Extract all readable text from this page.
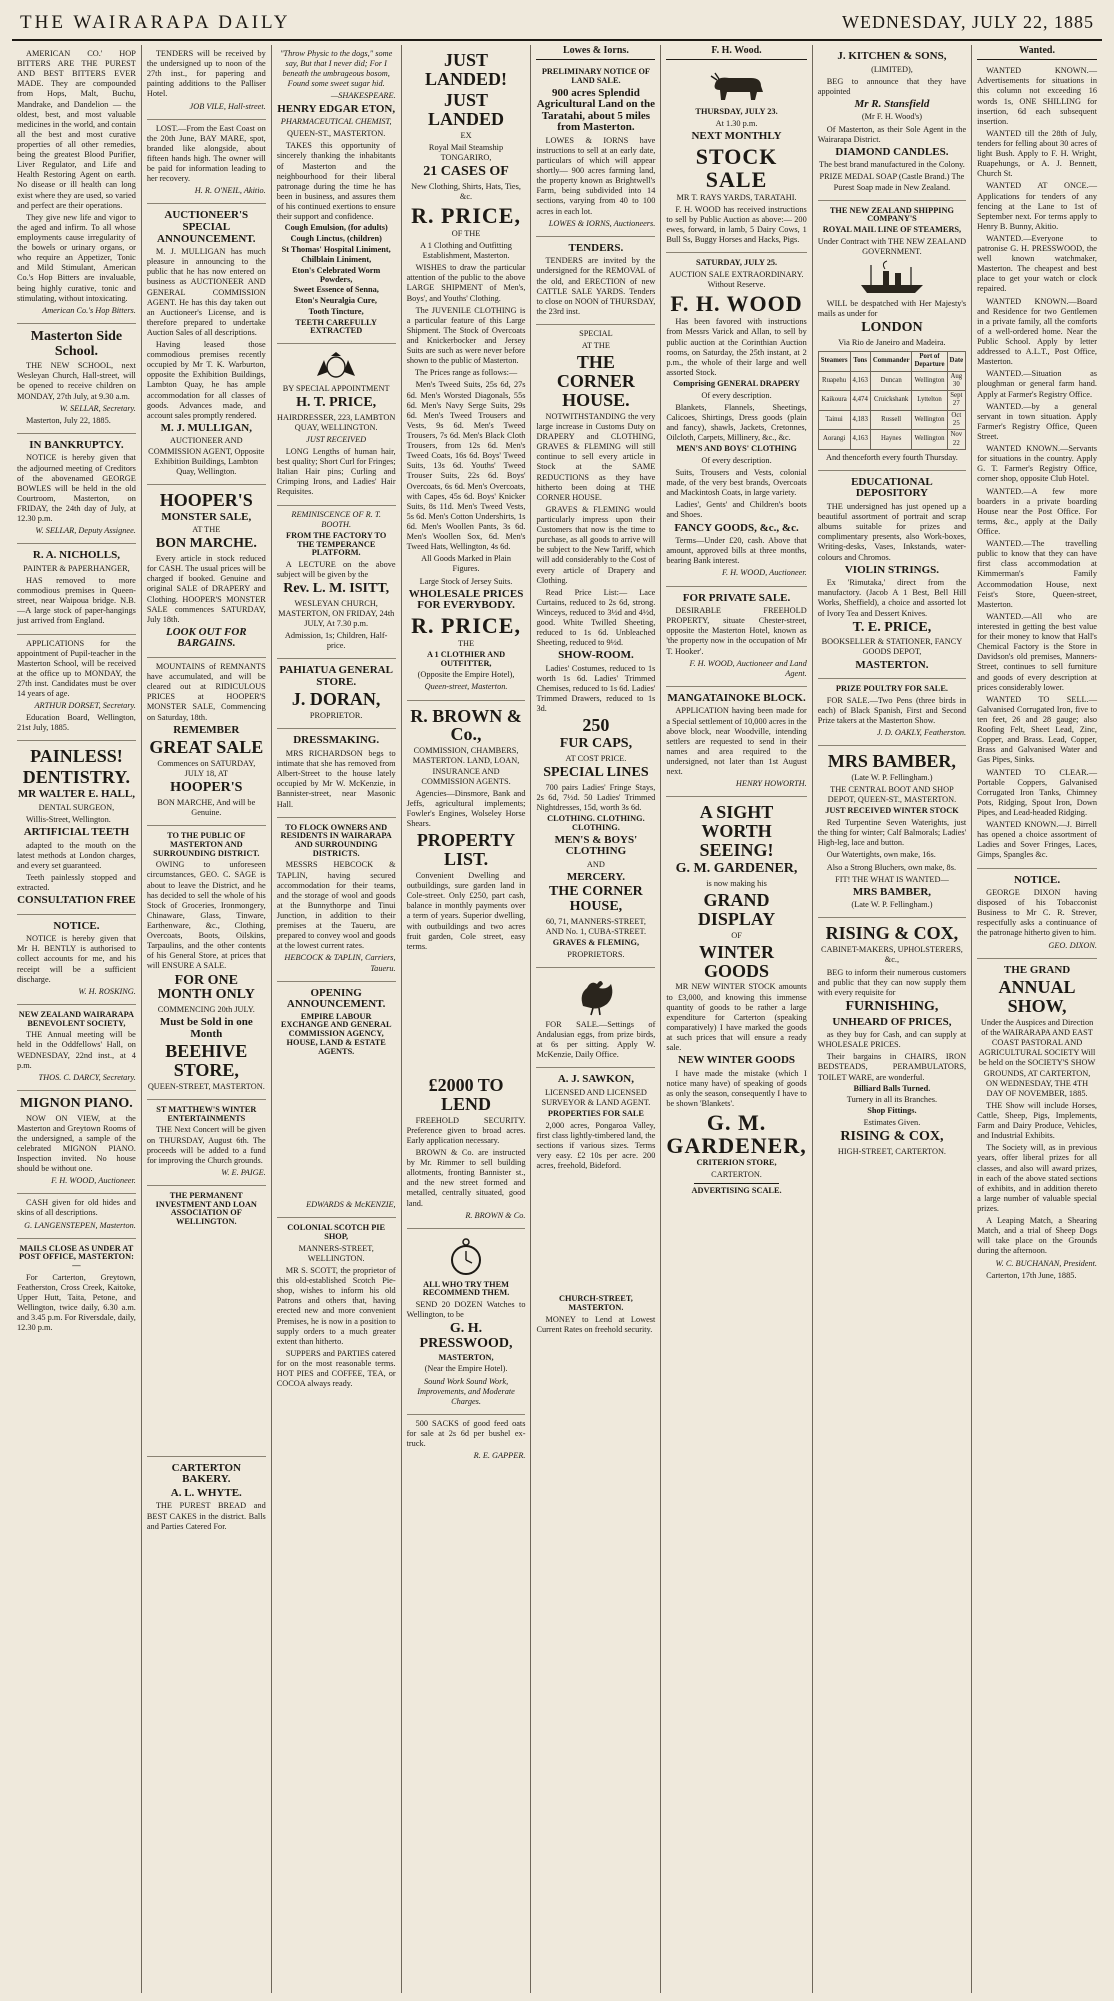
THE WAIRARAPA DAILY	WEDNESDAY, JULY 22, 1885

AMERICAN CO.' HOP BITTERS ARE THE PUREST AND BEST BITTERS EVER MADE. They are compounded from Hops, Malt, Buchu, Mandrake, and Dandelion — the oldest, best, and most valuable medicines in the world, and contain all the best and most curative properties of all other remedies, being the greatest Blood Purifier, Liver Regulator, and Life and Health Restoring Agent on earth. No disease or ill health can long exist where they are used, so varied and perfect are their operations.

They give new life and vigor to the aged and infirm. To all whose employments cause irregularity of the bowels or urinary organs, or who require an Appetizer, Tonic and Mild Stimulant, American Co.'s Hop Bitters are invaluable, being highly curative, tonic and stimulating, without intoxicating.

American Co.'s Hop Bitters.

Masterton Side School.

THE NEW SCHOOL, next Wesleyan Church, Hall-street, will be opened to receive children on MONDAY, 27th July, at 9.30 a.m.

W. SELLAR, Secretary.

Masterton, July 22, 1885.

IN BANKRUPTCY.

NOTICE is hereby given that the adjourned meeting of Creditors of the abovenamed GEORGE BOWLES will be held in the old Courtroom, Masterton, on FRIDAY, the 24th day of July, at 12.30 p.m.

W. SELLAR, Deputy Assignee.

R. A. NICHOLLS,

PAINTER & PAPERHANGER,

HAS removed to more commodious premises in Queen-street, near Waipoua bridge. N.B.—A large stock of paper-hangings just arrived from England.

APPLICATIONS for the appointment of Pupil-teacher in the Masterton School, will be received at the office up to MONDAY, the 27th inst. Candidates must be over 14 years of age.

ARTHUR DORSET, Secretary.

Education Board, Wellington, 21st July, 1885.

PAINLESS!

DENTISTRY.

MR WALTER E. HALL,

DENTAL SURGEON,

Willis-Street, Wellington.

ARTIFICIAL TEETH

adapted to the mouth on the latest methods at London charges, and every set guaranteed.

Teeth painlessly stopped and extracted.

CONSULTATION FREE

NOTICE.

NOTICE is hereby given that Mr H. BENTLY is authorised to collect accounts for me, and his receipt will be a sufficient discharge.

W. H. ROSKING.

NEW ZEALAND WAIRARAPA BENEVOLENT SOCIETY,

THE Annual meeting will be held in the Oddfellows' Hall, on WEDNESDAY, 22nd inst., at 4 p.m.

THOS. C. DARCY, Secretary.

MIGNON PIANO.

NOW ON VIEW, at the Masterton and Greytown Rooms of the undersigned, a sample of the celebrated MIGNON PIANO. Inspection invited. No house should be without one.

F. H. WOOD, Auctioneer.

CASH given for old hides and skins of all descriptions.

G. LANGENSTEPEN, Masterton.

MAILS CLOSE AS UNDER AT POST OFFICE, MASTERTON:—

For Carterton, Greytown, Featherston, Cross Creek, Kaitoke, Upper Hutt, Taita, Petone, and Wellington, twice daily, 6.30 a.m. and 3.45 p.m. For Riversdale, daily, 12.30 p.m.

TENDERS will be received by the undersigned up to noon of the 27th inst., for papering and painting additions to the Palliser Hotel.

JOB VILE, Hall-street.

LOST.—From the East Coast on the 20th June, BAY MARE, spot, branded like alongside, about fifteen hands high. The owner will be paid for information leading to her recovery.

H. R. O'NEIL, Akitio.

AUCTIONEER'S SPECIAL ANNOUNCEMENT.

M. J. MULLIGAN has much pleasure in announcing to the public that he has now entered on business as AUCTIONEER AND GENERAL COMMISSION AGENT. He has this day taken out an Auctioneer's License, and is therefore prepared to undertake Auction Sales of all descriptions.

Having leased those commodious premises recently occupied by Mr T. K. Warburton, opposite the Exhibition Buildings, Lambton Quay, he has ample accommodation for all classes of goods. Advances made, and account sales promptly rendered.

M. J. MULLIGAN,

AUCTIONEER AND COMMISSION AGENT, Opposite Exhibition Buildings, Lambton Quay, Wellington.

HOOPER'S

MONSTER SALE,

AT THE

BON MARCHE.

Every article in stock reduced for CASH. The usual prices will be charged if booked. Genuine and original SALE of DRAPERY and Clothing. HOOPER'S MONSTER SALE commences SATURDAY, July 18th.

LOOK OUT FOR BARGAINS.

MOUNTAINS of REMNANTS have accumulated, and will be cleared out at RIDICULOUS PRICES at HOOPER'S MONSTER SALE, Commencing on Saturday, 18th.

REMEMBER

GREAT SALE

Commences on SATURDAY, JULY 18, AT

HOOPER'S

BON MARCHE, And will be Genuine.

TO THE PUBLIC OF MASTERTON AND SURROUNDING DISTRICT.

OWING to unforeseen circumstances, GEO. C. SAGE is about to leave the District, and he has decided to sell the whole of his Stock of Groceries, Ironmongery, Chinaware, Glass, Tinware, Earthenware, &c., Clothing, Overcoats, Boots, Oilskins, Tarpaulins, and the other contents of his General Store, at prices that will ENSURE A SALE.

FOR ONE MONTH ONLY

COMMENCING 20th JULY.

Must be Sold in one Month

BEEHIVE STORE,

QUEEN-STREET, MASTERTON.

ST MATTHEW'S WINTER ENTERTAINMENTS

THE Next Concert will be given on THURSDAY, August 6th. The proceeds will be added to a fund for improving the Church grounds.

W. E. PAIGE.

THE PERMANENT INVESTMENT AND LOAN ASSOCIATION OF WELLINGTON.

CARTERTON BAKERY.

A. L. WHYTE.

THE PUREST BREAD and BEST CAKES in the district. Balls and Parties Catered For.

"Throw Physic to the dogs," some say, But that I never did; For I beneath the umbrageous bosom, Found some sweet sugar hid.

—SHAKESPEARE.

HENRY EDGAR ETON,

PHARMACEUTICAL CHEMIST,

QUEEN-ST., MASTERTON.

TAKES this opportunity of sincerely thanking the inhabitants of Masterton and the neighbourhood for their liberal patronage during the time he has been in business, and assures them of his continued exertions to ensure their support and confidence.

Cough Emulsion, (for adults)

Cough Linctus, (children)

St Thomas' Hospital Liniment,

Chilblain Liniment,

Eton's Celebrated Worm Powders,

Sweet Essence of Senna,

Eton's Neuralgia Cure,

Tooth Tincture,

TEETH CAREFULLY EXTRACTED

BY SPECIAL APPOINTMENT

H. T. PRICE,

HAIRDRESSER, 223, LAMBTON QUAY, WELLINGTON.

JUST RECEIVED

LONG Lengths of human hair, best quality; Short Curl for Fringes; Italian Hair pins; Curling and Crimping Irons, and Ladies' Hair Requisites.

REMINISCENCE OF R. T. BOOTH.

FROM THE FACTORY TO THE TEMPERANCE PLATFORM.

A LECTURE on the above subject will be given by the

Rev. L. M. ISITT,

WESLEYAN CHURCH, MASTERTON, ON FRIDAY, 24th JULY, At 7.30 p.m.

Admission, 1s; Children, Half-price.

PAHIATUA GENERAL STORE.

J. DORAN,

PROPRIETOR.

DRESSMAKING.

MRS RICHARDSON begs to intimate that she has removed from Albert-Street to the house lately occupied by Mr W. McKenzie, in Bannister-street, near Masonic Hall.

TO FLOCK OWNERS AND RESIDENTS IN WAIRARAPA AND SURROUNDING DISTRICTS.

MESSRS HEBCOCK & TAPLIN, having secured accommodation for their teams, and the storage of wool and goods at the Bunnythorpe and Tinui Junction, in addition to their premises at the Taueru, are prepared to convey wool and goods at the lowest current rates.

HEBCOCK & TAPLIN, Carriers, Taueru.

OPENING ANNOUNCEMENT.

EMPIRE LABOUR EXCHANGE AND GENERAL COMMISSION AGENCY, HOUSE, LAND & ESTATE AGENTS.

EDWARDS & McKENZIE,

COLONIAL SCOTCH PIE SHOP,

MANNERS-STREET, WELLINGTON.

MR S. SCOTT, the proprietor of this old-established Scotch Pie-shop, wishes to inform his old Patrons and others that, having erected new and more convenient Premises, he is now in a position to supply orders to a much greater extent than hitherto.

SUPPERS and PARTIES catered for on the most reasonable terms. HOT PIES and COFFEE, TEA, or COCOA always ready.

JUST LANDED!

JUST LANDED

EX

Royal Mail Steamship TONGARIRO,

21 CASES OF

New Clothing, Shirts, Hats, Ties, &c.

R. PRICE,

OF THE

A 1 Clothing and Outfitting Establishment, Masterton.

WISHES to draw the particular attention of the public to the above LARGE SHIPMENT of Men's, Boys', and Youths' Clothing.

The JUVENILE CLOTHING is a particular feature of this Large Shipment. The Stock of Overcoats and Knickerbocker and Jersey Suits are such as were never before shown to the public of Masterton.

The Prices range as follows:—

Men's Tweed Suits, 25s 6d, 27s 6d. Men's Worsted Diagonals, 55s 6d. Men's Navy Serge Suits, 29s 6d. Men's Tweed Trousers and Vests, 9s 6d. Men's Tweed Trousers, 7s 6d. Men's Black Cloth Trousers, from 12s 6d. Men's Tweed Coats, 16s 6d. Boys' Tweed Suits, 13s 6d. Youths' Tweed Trouser Suits, 22s 6d. Boys' Overcoats, 6s 6d. Men's Overcoats, with Capes, 45s 6d. Boys' Knicker Suits, 8s 11d. Men's Tweed Vests, 5s 6d. Men's Cotton Undershirts, 1s 6d. Men's Woollen Pants, 3s 6d. Men's Woollen Sox, 6d. Men's Tweed Hats, Wellington, 4s 6d.

All Goods Marked in Plain Figures.

Large Stock of Jersey Suits.

WHOLESALE PRICES FOR EVERYBODY.

R. PRICE,

THE

A 1 CLOTHIER AND OUTFITTER,

(Opposite the Empire Hotel),

Queen-street, Masterton.

R. BROWN & Co.,

COMMISSION, CHAMBERS, MASTERTON. LAND, LOAN, INSURANCE AND COMMISSION AGENTS.

Agencies—Dinsmore, Bank and Jeffs, agricultural implements; Fowler's Engines, Wolseley Horse Shears.

PROPERTY LIST.

Convenient Dwelling and outbuildings, sure garden land in Cole-street. Only £250, part cash, balance in monthly payments over a term of years. Superior dwelling, with outbuildings and two acres fruit garden, Cole street, easy terms.

£2000 TO LEND

FREEHOLD SECURITY. Preference given to broad acres. Early application necessary.

BROWN & Co. are instructed by Mr. Rimmer to sell building allotments, fronting Bannister st., and the new street formed and metalled, centrally situated, good land.

R. BROWN & Co.

ALL WHO TRY THEM RECOMMEND THEM.

SEND 20 DOZEN Watches to Wellington, to be

G. H. PRESSWOOD,

MASTERTON,

(Near the Empire Hotel).

Sound Work Sound Work, Improvements, and Moderate Charges.

500 SACKS of good feed oats for sale at 2s 6d per bushel ex-truck.

R. E. GAPPER.

Lowes & Iorns.

PRELIMINARY NOTICE OF LAND SALE.

900 acres Splendid Agricultural Land on the Taratahi, about 5 miles from Masterton.

LOWES & IORNS have instructions to sell at an early date, particulars of which will appear shortly— 900 acres farming land, the property known as Brightwell's Farm, being subdivided into 14 sections, varying from 40 to 100 acres in each lot.

LOWES & IORNS, Auctioneers.

TENDERS.

TENDERS are invited by the undersigned for the REMOVAL of the old, and ERECTION of new CATTLE SALE YARDS. Tenders to close on NOON of THURSDAY, the 23rd inst.

SPECIAL

AT THE

THE CORNER HOUSE.

NOTWITHSTANDING the very large increase in Customs Duty on DRAPERY and CLOTHING, GRAVES & FLEMING will still continue to sell every article in Stock at the SAME REDUCTIONS as they have hitherto been doing at THE CORNER HOUSE.

GRAVES & FLEMING would particularly impress upon their Customers that now is the time to purchase, as all goods to arrive will be subject to the New Tariff, which will add considerably to the Cost of every article of Drapery and Clothing.

Read Price List:— Lace Curtains, reduced to 2s 6d, strong. Winceys, reduced to 3½d and 4½d, good. White Twilled Sheeting, reduced to 1s 6d. Unbleached Sheeting, reduced to 9½d.

SHOW-ROOM.

Ladies' Costumes, reduced to 1s worth 1s 6d. Ladies' Trimmed Chemises, reduced to 1s 6d. Ladies' Trimmed Drawers, reduced to 1s 3d.

250

FUR CAPS,

AT COST PRICE.

SPECIAL LINES

700 pairs Ladies' Fringe Stays, 2s 6d, 7½d. 50 Ladies' Trimmed Nightdresses, 15d, worth 3s 6d.

CLOTHING. CLOTHING. CLOTHING.

MEN'S & BOYS' CLOTHING

AND

MERCERY.

THE CORNER HOUSE,

60, 71, MANNERS-STREET, AND No. 1, CUBA-STREET.

GRAVES & FLEMING,

PROPRIETORS.

FOR SALE.—Settings of Andalusian eggs, from prize birds, at 6s per sitting. Apply W. McKenzie, Daily Office.

A. J. SAWKON,

LICENSED AND LICENSED SURVEYOR & LAND AGENT.

PROPERTIES FOR SALE

2,000 acres, Pongaroa Valley, first class lightly-timbered land, the sections if various sizes. Terms very easy. £2 10s per acre. 200 acres, freehold, Bideford.

CHURCH-STREET, MASTERTON.

MONEY to Lend at Lowest Current Rates on freehold security.

F. H. Wood.

THURSDAY, JULY 23.

At 1.30 p.m.

NEXT MONTHLY

STOCK SALE

MR T. RAYS YARDS, TARATAHI.

F. H. WOOD has received instructions to sell by Public Auction as above:— 200 ewes, forward, in lamb, 5 Dairy Cows, 1 Bull Ss, Buggy Horses and Hacks, Pigs.

SATURDAY, JULY 25.

AUCTION SALE EXTRAORDINARY. Without Reserve.

F. H. WOOD

Has been favored with instructions from Messrs Varick and Allan, to sell by public auction at the Corinthian Auction rooms, on Saturday, the 25th instant, at 2 p.m., the whole of their large and well assorted Stock.

Comprising GENERAL DRAPERY

Of every description.

Blankets, Flannels, Sheetings, Calicoes, Shirtings, Dress goods (plain and fancy), shawls, Jackets, Cretonnes, Oilcloth, Carpets, Millinery, &c., &c.

MEN'S AND BOYS' CLOTHING

Of every description.

Suits, Trousers and Vests, colonial made, of the very best brands, Overcoats and Mackintosh Coats, in large variety.

Ladies', Gents' and Children's boots and Shoes.

FANCY GOODS, &c., &c.

Terms—Under £20, cash. Above that amount, approved bills at three months, bearing Bank interest.

F. H. WOOD, Auctioneer.

FOR PRIVATE SALE.

DESIRABLE FREEHOLD PROPERTY, situate Chester-street, opposite the Masterton Hotel, known as 'the property now in the occupation of Mr T. Hooker'.

F. H. WOOD, Auctioneer and Land Agent.

MANGATAINOKE BLOCK.

APPLICATION having been made for a Special settlement of 10,000 acres in the above block, near Woodville, intending settlers are requested to send in their names and area required to the undersigned, not later than 1st August next.

HENRY HOWORTH.

A SIGHT WORTH SEEING!

G. M. GARDENER,

is now making his

GRAND DISPLAY

OF

WINTER GOODS

MR NEW WINTER STOCK amounts to £3,000, and knowing this immense quantity of goods to be rather a large expenditure for Carterton (speaking comparatively) I have marked the goods at such prices that will ensure a ready sale.

NEW WINTER GOODS

I have made the mistake (which I notice many have) of speaking of goods as only the season, consequently I have to be shown 'Blankets'.

G. M. GARDENER,

CRITERION STORE,

CARTERTON.

ADVERTISING SCALE.

J. KITCHEN & SONS,

(LIMITED),

BEG to announce that they have appointed

Mr R. Stansfield

(Mr F. H. Wood's)

Of Masterton, as their Sole Agent in the Wairarapa District.

DIAMOND CANDLES.

The best brand manufactured in the Colony.

PRIZE MEDAL SOAP (Castle Brand.) The Purest Soap made in New Zealand.

THE NEW ZEALAND SHIPPING COMPANY'S

ROYAL MAIL LINE OF STEAMERS,

Under Contract with THE NEW ZEALAND GOVERNMENT.

WILL be despatched with Her Majesty's mails as under for

LONDON

Via Rio de Janeiro and Madeira.

Steamers	Tons	Commander	Port of Departure	Date
Ruapehu	4,163	Duncan	Wellington	Aug 30
Kaikoura	4,474	Cruickshank	Lyttelton	Sept 27
Tainui	4,183	Russell	Wellington	Oct 25
Aorangi	4,163	Haynes	Wellington	Nov 22

And thenceforth every fourth Thursday.

EDUCATIONAL DEPOSITORY

THE undersigned has just opened up a beautiful assortment of portrait and scrap albums suitable for prizes and complimentary presents, also Work-boxes, Writing-desks, Vases, Inkstands, water-colours and Chromos.

VIOLIN STRINGS.

Ex 'Rimutaka,' direct from the manufactory. (Jacob A 1 Best, Bell Hill Works, Sheffield), a choice and assorted lot of Ivory Tea and Dessert Knives.

T. E. PRICE,

BOOKSELLER & STATIONER, FANCY GOODS DEPOT,

MASTERTON.

PRIZE POULTRY FOR SALE.

FOR SALE.—Two Pens (three birds in each) of Black Spanish, First and Second Prize takers at the Masterton Show.

J. D. OAKLY, Featherston.

MRS BAMBER,

(Late W. P. Fellingham.)

THE CENTRAL BOOT AND SHOP DEPOT, QUEEN-ST., MASTERTON.

JUST RECEIVED WINTER STOCK

Red Turpentine Seven Waterights, just the thing for winter; Calf Balmorals; Ladies' High-leg, lace and button.

Our Watertights, own make, 16s.

Also a Strong Bluchers, own make, 8s.

FIT! THE WHAT IS WANTED—

MRS BAMBER,

(Late W. P. Fellingham.)

RISING & COX,

CABINET-MAKERS, UPHOLSTERERS, &c.,

BEG to inform their numerous customers and public that they can now supply them with every requisite for

FURNISHING,

UNHEARD OF PRICES,

as they buy for Cash, and can supply at WHOLESALE PRICES.

Their bargains in CHAIRS, IRON BEDSTEADS, PERAMBULATORS, TOILET WARE, are wonderful.

Billiard Balls Turned.

Turnery in all its Branches.

Shop Fittings.

Estimates Given.

RISING & COX,

HIGH-STREET, CARTERTON.

Wanted.

WANTED KNOWN.—Advertisements for situations in this column not exceeding 16 words 1s, ONE SHILLING for insertion, 6d each subsequent insertion.

WANTED till the 28th of July, tenders for felling about 30 acres of light Bush. Apply to F. H. Wright, Ruapehungs, or A. J. Bennett, Church St.

WANTED AT ONCE.—Applications for tenders of any fencing at the Lane to 1st of September next. For terms apply to Henry B. Bunny, Akitio.

WANTED.—Everyone to patronise G. H. PRESSWOOD, the well known watchmaker, Masterton. The cheapest and best place to get your watch or clock repaired.

WANTED KNOWN.—Board and Residence for two Gentlemen in a private family, all the comforts of a well-ordered home. Near the Public School. Apply by letter addressed to A.L.T., Post Office, Masterton.

WANTED.—Situation as ploughman or general farm hand. Apply at Farmer's Registry Office.

WANTED.—by a general servant in town situation. Apply Farmer's Registry Office, Queen Street.

WANTED KNOWN.—Servants for situations in the country. Apply G. T. Farmer's Registry Office, corner shop, opposite Club Hotel.

WANTED.—A few more boarders in a private boarding House near the Post Office. For terms, &c., apply at the Daily Office.

WANTED.—The travelling public to know that they can have first class accommodation at Kimmerman's Family Accommodation House, next Feist's Store, Queen-street, Masterton.

WANTED.—All who are interested in getting the best value for their money to know that Hall's Chemical Factory is the Store in Davidson's old premises, Manners-Street, continues to sell furniture and goods of every description at prices considerably lower.

WANTED TO SELL.—Galvanised Corrugated Iron, five to ten feet, 26 and 28 gauge; also Roofing Felt, Sheet Lead, Zinc, Copper, and Brass. Lead, Copper, Brass and Galvanised Water and Gas Pipes, Sinks.

WANTED TO CLEAR.—Portable Coppers, Galvanised Corrugated Iron Tanks, Chimney Pots, Ridging, Spout Iron, Down Pipes, and Lead-headed Ridging.

WANTED KNOWN.—J. Birrell has opened a choice assortment of Ladies and Sover Fringes, Laces, Gimps, Spangles &c.

NOTICE.

GEORGE DIXON having disposed of his Tobacconist Business to Mr C. R. Strever, respectfully asks a continuance of the patronage hitherto given to him.

GEO. DIXON.

THE GRAND

ANNUAL SHOW,

Under the Auspices and Direction of the WAIRARAPA AND EAST COAST PASTORAL AND AGRICULTURAL SOCIETY Will be held on the SOCIETY'S SHOW GROUNDS, AT CARTERTON, ON WEDNESDAY, THE 4TH DAY OF NOVEMBER, 1885.

THE Show will include Horses, Cattle, Sheep, Pigs, Implements, Farm and Dairy Produce, Vehicles, and Industrial Exhibits.

The Society will, as in previous years, offer liberal prizes for all classes, and also will award prizes, in each of the above stated sections of exhibits, and in addition thereto a large number of valuable special prizes.

A Leaping Match, a Shearing Match, and a trial of Sheep Dogs will take place on the Grounds during the afternoon.

W. C. BUCHANAN, President.

Carterton, 17th June, 1885.
